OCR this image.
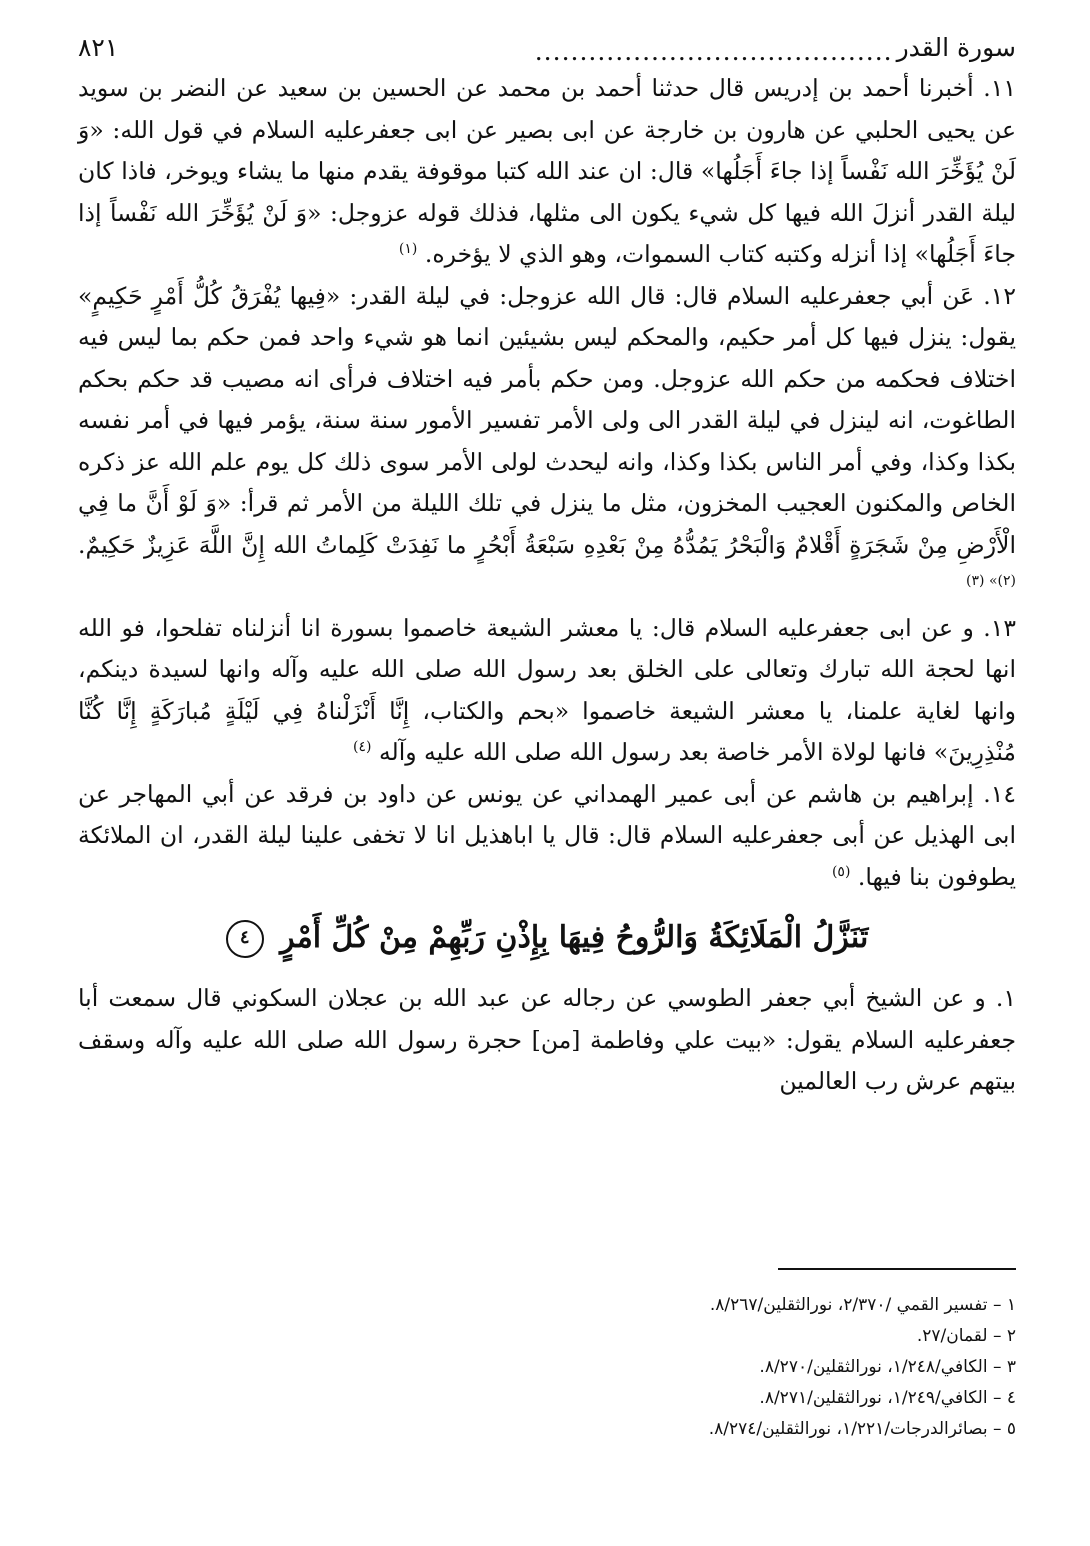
سورة القدر
........................................
٨٢١

١١. أخبرنا أحمد بن إدريس قال حدثنا أحمد بن محمد عن الحسين بن سعيد عن النضر بن سويد عن يحيى الحلبي عن هارون بن خارجة عن ابى بصير عن ابى جعفرعليه السلام في قول الله: «وَ لَنْ يُؤَخِّرَ الله نَفْساً إذا جاءَ أَجَلُها» قال: ان عند الله كتبا موقوفة يقدم منها ما يشاء ويوخر، فاذا كان ليلة القدر أنزلَ الله فيها كل شيء يكون الى مثلها، فذلك قوله عزوجل: «وَ لَنْ يُؤَخِّرَ الله نَفْساً إذا جاءَ أَجَلُها» إذا أنزله وكتبه كتاب السموات، وهو الذي لا يؤخره. $^{(١)}$

١٢. عَن أبي جعفرعليه السلام قال: قال الله عزوجل: في ليلة القدر: «فِيها يُفْرَقُ كُلُّ أَمْرٍ حَكِيمٍ» يقول: ينزل فيها كل أمر حكيم، والمحكم ليس بشيئين انما هو شيء واحد فمن حكم بما ليس فيه اختلاف فحكمه من حكم الله عزوجل. ومن حكم بأمر فيه اختلاف فرأى انه مصيب قد حكم بحكم الطاغوت، انه لينزل في ليلة القدر الى ولى الأمر تفسير الأمور سنة سنة، يؤمر فيها في أمر نفسه بكذا وكذا، وفي أمر الناس بكذا وكذا، وانه ليحدث لولى الأمر سوى ذلك كل يوم علم الله عز ذكره الخاص والمكنون العجيب المخزون، مثل ما ينزل في تلك الليلة من الأمر ثم قرأ: «وَ لَوْ أَنَّ ما فِي الْأَرْضِ مِنْ شَجَرَةٍ أَقْلامٌ وَالْبَحْرُ يَمُدُّهُ مِنْ بَعْدِهِ سَبْعَةُ أَبْحُرٍ ما نَفِدَتْ كَلِماتُ الله إِنَّ اللَّهَ عَزِيزٌ حَكِيمٌ. $^{(٢)» (٣)}$

١٣. و عن ابى جعفرعليه السلام قال: يا معشر الشيعة خاصموا بسورة انا أنزلناه تفلحوا، فو الله انها لحجة الله تبارك وتعالى على الخلق بعد رسول الله صلى الله عليه وآله وانها لسيدة دينكم، وانها لغاية علمنا، يا معشر الشيعة خاصموا «بحم والكتاب، إِنَّا أَنْزَلْناهُ فِي لَيْلَةٍ مُبارَكَةٍ إِنَّا كُنَّا مُنْذِرِينَ» فانها لولاة الأمر خاصة بعد رسول الله صلى الله عليه وآله $^{(٤)}$

١٤. إبراهيم بن هاشم عن أبى عمير الهمداني عن يونس عن داود بن فرقد عن أبي المهاجر عن ابى الهذيل عن أبى جعفرعليه السلام قال: قال يا اباهذيل انا لا تخفى علينا ليلة القدر، ان الملائكة يطوفون بنا فيها. $^{(٥)}$

تَنَزَّلُ الْمَلَائِكَةُ وَالرُّوحُ فِيهَا بِإِذْنِ رَبِّهِمْ مِنْ كُلِّ أَمْرٍ ٤

١. و عن الشيخ أبي جعفر الطوسي عن رجاله عن عبد الله بن عجلان السكوني قال سمعت أبا جعفرعليه السلام يقول: «بيت علي وفاطمة [من] حجرة رسول الله صلى الله عليه وآله وسقف بيتهم عرش رب العالمين

١ – تفسير القمي /٢/٣٧٠، نورالثقلين/٨/٢٦٧.
٢ – لقمان/٢٧.
٣ – الكافي/١/٢٤٨، نورالثقلين/٨/٢٧٠.
٤ – الكافي/١/٢٤٩، نورالثقلين/٨/٢٧١.
٥ – بصائرالدرجات/١/٢٢١، نورالثقلين/٨/٢٧٤.
